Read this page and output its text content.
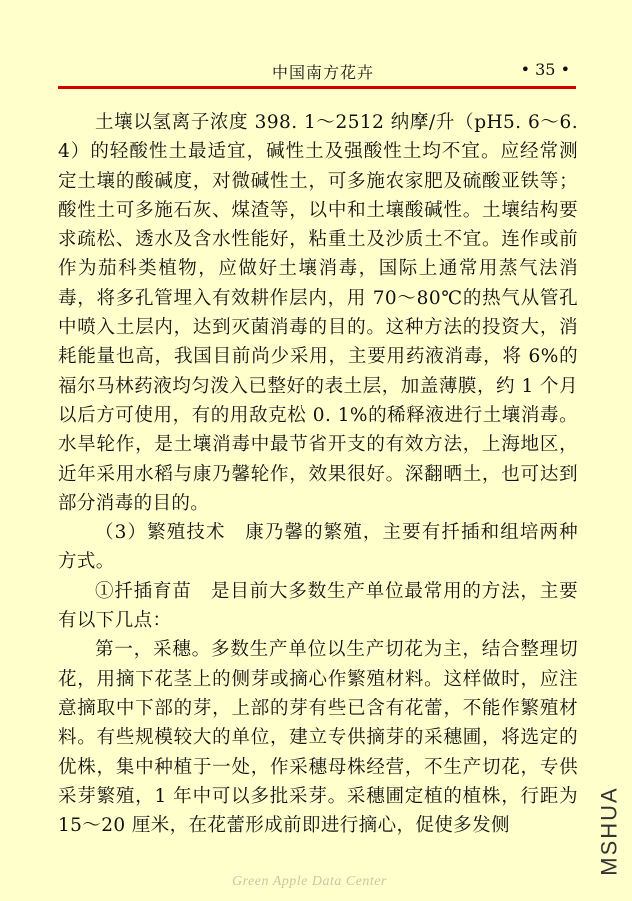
中国南方花卉	• 35 •

土壤以氢离子浓度 398. 1～2512 纳摩/升（pH5. 6～6. 4）的轻酸性土最适宜，碱性土及强酸性土均不宜。应经常测定土壤的酸碱度，对微碱性土，可多施农家肥及硫酸亚铁等；酸性土可多施石灰、煤渣等，以中和土壤酸碱性。土壤结构要求疏松、透水及含水性能好，粘重土及沙质土不宜。连作或前作为茄科类植物，应做好土壤消毒，国际上通常用蒸气法消毒，将多孔管埋入有效耕作层内，用 70～80℃的热气从管孔中喷入土层内，达到灭菌消毒的目的。这种方法的投资大，消耗能量也高，我国目前尚少采用，主要用药液消毒，将 6%的福尔马林药液均匀泼入已整好的表土层，加盖薄膜，约 1 个月以后方可使用，有的用敌克松 0. 1%的稀释液进行土壤消毒。水旱轮作，是土壤消毒中最节省开支的有效方法，上海地区，近年采用水稻与康乃馨轮作，效果很好。深翻晒土，也可达到部分消毒的目的。

（3）繁殖技术　康乃馨的繁殖，主要有扦插和组培两种方式。

①扦插育苗　是目前大多数生产单位最常用的方法，主要有以下几点：

第一，采穗。多数生产单位以生产切花为主，结合整理切花，用摘下花茎上的侧芽或摘心作繁殖材料。这样做时，应注意摘取中下部的芽，上部的芽有些已含有花蕾，不能作繁殖材料。有些规模较大的单位，建立专供摘芽的采穗圃，将选定的优株，集中种植于一处，作采穗母株经营，不生产切花，专供采芽繁殖，1 年中可以多批采芽。采穗圃定植的植株，行距为 15～20 厘米，在花蕾形成前即进行摘心，促使多发侧	MSHUA
Green Apple Data Center
